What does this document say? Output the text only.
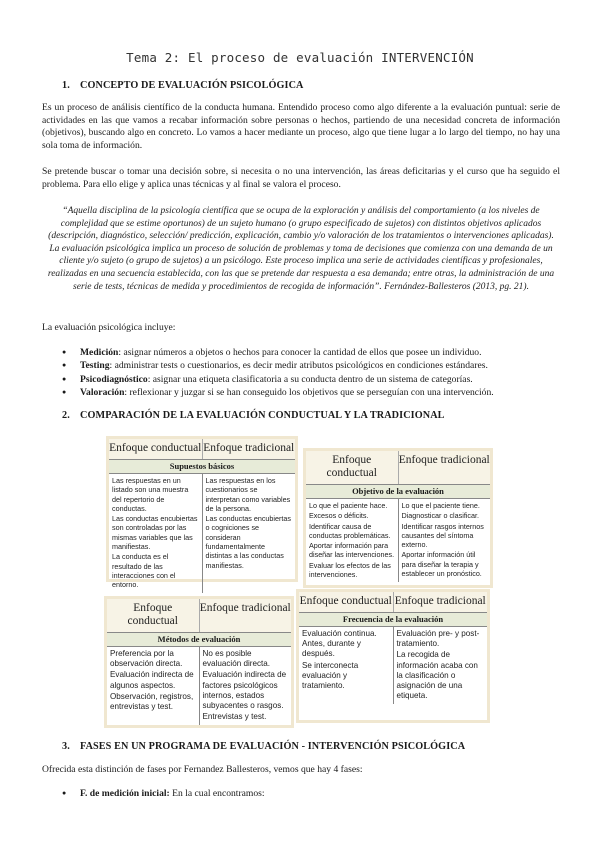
Tema 2: El proceso de evaluación INTERVENCIÓN
1. CONCEPTO DE EVALUACIÓN PSICOLÓGICA

Es un proceso de análisis científico de la conducta humana. Entendido proceso como algo diferente a la evaluación puntual: serie de actividades en las que vamos a recabar información sobre personas o hechos, partiendo de una necesidad concreta de información (objetivos), buscando algo en concreto. Lo vamos a hacer mediante un proceso, algo que tiene lugar a lo largo del tiempo, no hay una sola toma de información.

Se pretende buscar o tomar una decisión sobre, si necesita o no una intervención, las áreas deficitarias y el curso que ha seguido el problema. Para ello elige y aplica unas técnicas y al final se valora el proceso.

“Aquella disciplina de la psicología científica que se ocupa de la exploración y análisis del comportamiento (a los niveles de complejidad que se estime oportunos) de un sujeto humano (o grupo especificado de sujetos) con distintos objetivos aplicados (descripción, diagnóstico, selección/ predicción, explicación, cambio y/o valoración de los tratamientos o intervenciones aplicadas). La evaluación psicológica implica un proceso de solución de problemas y toma de decisiones que comienza con una demanda de un cliente y/o sujeto (o grupo de sujetos) a un psicólogo. Este proceso implica una serie de actividades científicas y profesionales, realizadas en una secuencia establecida, con las que se pretende dar respuesta a esa demanda; entre otras, la administración de una serie de tests, técnicas de medida y procedimientos de recogida de información”. Fernández-Ballesteros (2013, pg. 21).

La evaluación psicológica incluye:

● Medición: asignar números a objetos o hechos para conocer la cantidad de ellos que posee un individuo.
● Testing: administrar tests o cuestionarios, es decir medir atributos psicológicos en condiciones estándares.
● Psicodiagnóstico: asignar una etiqueta clasificatoria a su conducta dentro de un sistema de categorías.
● Valoración: reflexionar y juzgar si se han conseguido los objetivos que se perseguían con una intervención.
2. COMPARACIÓN DE LA EVALUACIÓN CONDUCTUAL Y LA TRADICIONAL
Enfoque conductual Enfoque tradicional
Supuestos básicos

Las respuestas en un listado son una muestra del repertorio de conductas.

Las conductas encubiertas son controladas por las mismas variables que las manifiestas.

La conducta es el resultado de las interacciones con el entorno.

Las respuestas en los cuestionarios se interpretan como variables de la persona.

Las conductas encubiertas o cogniciones se consideran fundamentalmente distintas a las conductas manifiestas.

Enfoque conductual
Enfoque tradicional
Objetivo de la evaluación

Lo que el paciente hace.

Excesos o déficits.

Identificar causa de conductas problemáticas.

Aportar información para diseñar las intervenciones.

Evaluar los efectos de las intervenciones.

Lo que el paciente tiene.

Diagnosticar o clasificar.

Identificar rasgos internos causantes del síntoma externo.

Aportar información útil para diseñar la terapia y establecer un pronóstico.

Enfoque conductual
Enfoque tradicional
Métodos de evaluación

Preferencia por la observación directa.

Evaluación indirecta de algunos aspectos.

Observación, registros, entrevistas y test.

No es posible evaluación directa.

Evaluación indirecta de factores psicológicos internos, estados subyacentes o rasgos.

Entrevistas y test.

Enfoque conductual Enfoque tradicional
Frecuencia de la evaluación

Evaluación continua. Antes, durante y después.

Se interconecta evaluación y tratamiento.

Evaluación pre- y post-tratamiento.

La recogida de información acaba con la clasificación o asignación de una etiqueta.

3. FASES EN UN PROGRAMA DE EVALUACIÓN - INTERVENCIÓN PSICOLÓGICA

Ofrecida esta distinción de fases por Fernandez Ballesteros, vemos que hay 4 fases:

● F. de medición inicial: En la cual encontramos:
